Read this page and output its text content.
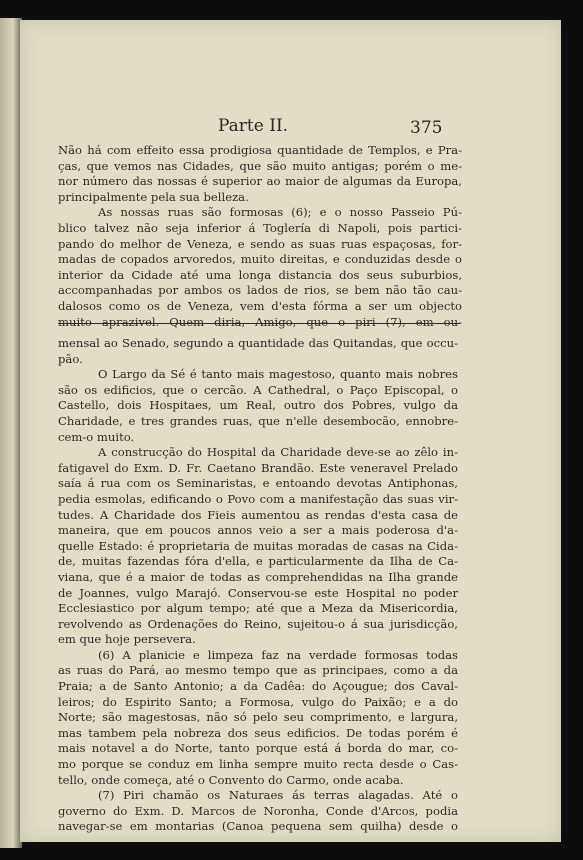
Parte II.	375
Não há com effeito essa prodigiosa quantidade de Templos, e Pra-
ças, que vemos nas Cidades, que são muito antigas; porém o me-
nor número das nossas é superior ao maior de algumas da Europa,
principalmente pela sua belleza.
As nossas ruas são formosas (6); e o nosso Passeio Pú-
blico talvez não seja inferior á Toglería di Napoli, pois partici-
pando do melhor de Veneza, e sendo as suas ruas espaçosas, for-
madas de copados arvoredos, muito direitas, e conduzidas desde o
interior da Cidade até uma longa distancia dos seus suburbios,
accompanhadas por ambos os lados de rios, se bem não tão cau-
dalosos como os de Veneza, vem d'esta fórma a ser um objecto
muito aprazivel. Quem diria, Amigo, que o piri (7), em ou-
mensal ao Senado, segundo a quantidade das Quitandas, que occu-
pão.
O Largo da Sé é tanto mais magestoso, quanto mais nobres
são os edificios, que o cercão. A Cathedral, o Paço Episcopal, o
Castello, dois Hospitaes, um Real, outro dos Pobres, vulgo da
Charidade, e tres grandes ruas, que n'elle desembocão, ennobre-
cem-o muito.
A construcção do Hospital da Charidade deve-se ao zêlo in-
fatigavel do Exm. D. Fr. Caetano Brandão. Este veneravel Prelado
saía á rua com os Seminaristas, e entoando devotas Antiphonas,
pedia esmolas, edificando o Povo com a manifestação das suas vir-
tudes. A Charidade dos Fieis aumentou as rendas d'esta casa de
maneira, que em poucos annos veio a ser a mais poderosa d'a-
quelle Estado: é proprietaria de muitas moradas de casas na Cida-
de, muitas fazendas fóra d'ella, e particularmente da Ilha de Ca-
viana, que é a maior de todas as comprehendidas na Ilha grande
de Joannes, vulgo Marajó. Conservou-se este Hospital no poder
Ecclesiastico por algum tempo; até que a Meza da Misericordia,
revolvendo as Ordenações do Reino, sujeitou-o á sua jurisdicção,
em que hoje persevera.
(6) A planicie e limpeza faz na verdade formosas todas
as ruas do Pará, ao mesmo tempo que as principaes, como a da
Praia; a de Santo Antonio; a da Cadêa: do Açougue; dos Caval-
leiros; do Espirito Santo; a Formosa, vulgo do Paixão; e a do
Norte; são magestosas, não só pelo seu comprimento, e largura,
mas tambem pela nobreza dos seus edificios. De todas porém é
mais notavel a do Norte, tanto porque está á borda do mar, co-
mo porque se conduz em linha sempre muito recta desde o Cas-
tello, onde começa, até o Convento do Carmo, onde acaba.
(7) Piri chamão os Naturaes ás terras alagadas. Até o
governo do Exm. D. Marcos de Noronha, Conde d'Arcos, podia
navegar-se em montarias (Canoa pequena sem quilha) desde o
